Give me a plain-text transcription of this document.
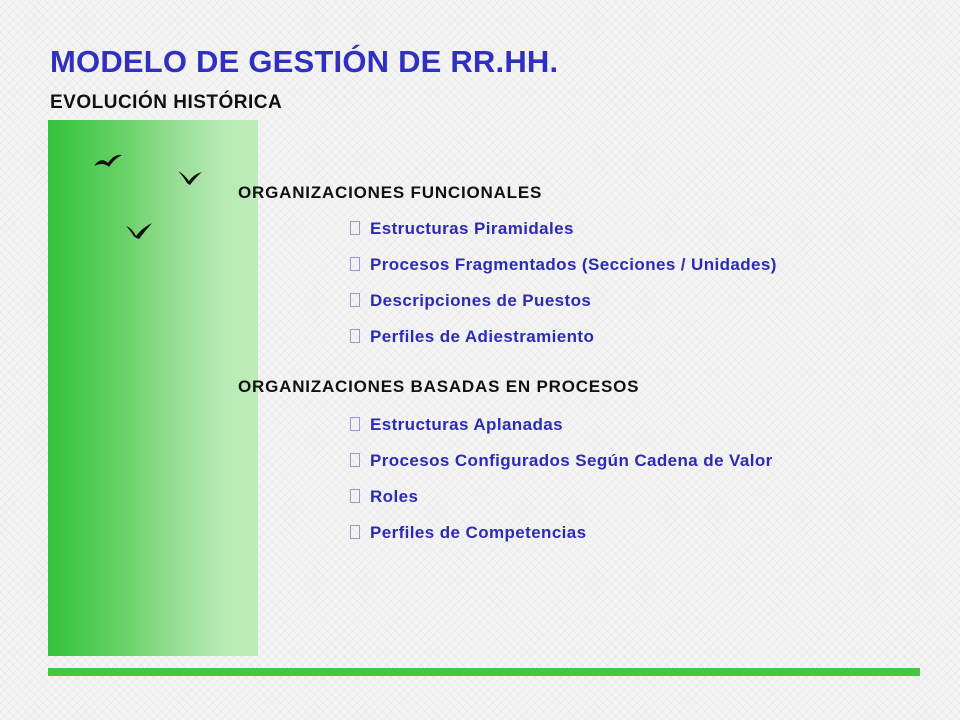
MODELO DE GESTIÓN DE RR.HH.
EVOLUCIÓN HISTÓRICA
ORGANIZACIONES FUNCIONALES
Estructuras Piramidales
Procesos Fragmentados (Secciones / Unidades)
Descripciones de Puestos
Perfiles de Adiestramiento
ORGANIZACIONES BASADAS EN PROCESOS
Estructuras Aplanadas
Procesos Configurados Según Cadena de Valor
Roles
Perfiles de Competencias
